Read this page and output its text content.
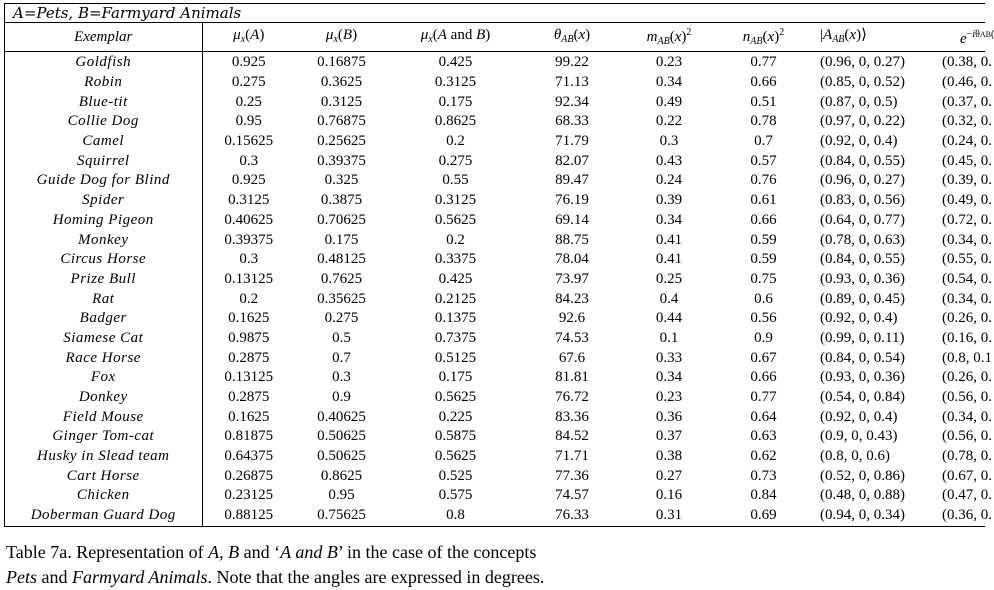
A=Pets, B=Farmyard Animals
Exemplar	$\mu_x(A)$	$\mu_x(B)$	$\mu_x(A$ and B)	$\theta_{AB}(x)$	$m_{AB}(x)^2$	$n_{AB}(x)^2$	$|A_{AB}(x)⟩$	$e^{-i\theta AB}$
Goldfish	0.925	0.16875	0.425	99.22	0.23	0.77	(0.96, 0, 0.27)	(0.38, 0.
Robin	0.275	0.3625	0.3125	71.13	0.34	0.66	(0.85, 0, 0.52)	(0.46, 0.
Blue-tit	0.25	0.3125	0.175	92.34	0.49	0.51	(0.87, 0, 0.5)	(0.37, 0.
Collie Dog	0.95	0.76875	0.8625	68.33	0.22	0.78	(0.97, 0, 0.22)	(0.32, 0.
Camel	0.15625	0.25625	0.2	71.79	0.3	0.7	(0.92, 0, 0.4)	(0.24, 0.
Squirrel	0.3	0.39375	0.275	82.07	0.43	0.57	(0.84, 0, 0.55)	(0.45, 0.
Guide Dog for Blind	0.925	0.325	0.55	89.47	0.24	0.76	(0.96, 0, 0.27)	(0.39, 0.
Spider	0.3125	0.3875	0.3125	76.19	0.39	0.61	(0.83, 0, 0.56)	(0.49, 0.
Homing Pigeon	0.40625	0.70625	0.5625	69.14	0.34	0.66	(0.64, 0, 0.77)	(0.72, 0.
Monkey	0.39375	0.175	0.2	88.75	0.41	0.59	(0.78, 0, 0.63)	(0.34, 0.
Circus Horse	0.3	0.48125	0.3375	78.04	0.41	0.59	(0.84, 0, 0.55)	(0.55, 0.
Prize Bull	0.13125	0.7625	0.425	73.97	0.25	0.75	(0.93, 0, 0.36)	(0.54, 0.
Rat	0.2	0.35625	0.2125	84.23	0.4	0.6	(0.89, 0, 0.45)	(0.34, 0.
Badger	0.1625	0.275	0.1375	92.6	0.44	0.56	(0.92, 0, 0.4)	(0.26, 0.
Siamese Cat	0.9875	0.5	0.7375	74.53	0.1	0.9	(0.99, 0, 0.11)	(0.16, 0.
Race Horse	0.2875	0.7	0.5125	67.6	0.33	0.67	(0.84, 0, 0.54)	(0.8, 0.1
Fox	0.13125	0.3	0.175	81.81	0.34	0.66	(0.93, 0, 0.36)	(0.26, 0.
Donkey	0.2875	0.9	0.5625	76.72	0.23	0.77	(0.54, 0, 0.84)	(0.56, 0.
Field Mouse	0.1625	0.40625	0.225	83.36	0.36	0.64	(0.92, 0, 0.4)	(0.34, 0.
Ginger Tom-cat	0.81875	0.50625	0.5875	84.52	0.37	0.63	(0.9, 0, 0.43)	(0.56, 0.
Husky in Slead team	0.64375	0.50625	0.5625	71.71	0.38	0.62	(0.8, 0, 0.6)	(0.78, 0.
Cart Horse	0.26875	0.8625	0.525	77.36	0.27	0.73	(0.52, 0, 0.86)	(0.67, 0.
Chicken	0.23125	0.95	0.575	74.57	0.16	0.84	(0.48, 0, 0.88)	(0.47, 0.
Doberman Guard Dog	0.88125	0.75625	0.8	76.33	0.31	0.69	(0.94, 0, 0.34)	(0.36, 0.
Table 7a. Representation of A, B and ‘A and B’ in the case of the concepts
Pets and Farmyard Animals. Note that the angles are expressed in degrees.
